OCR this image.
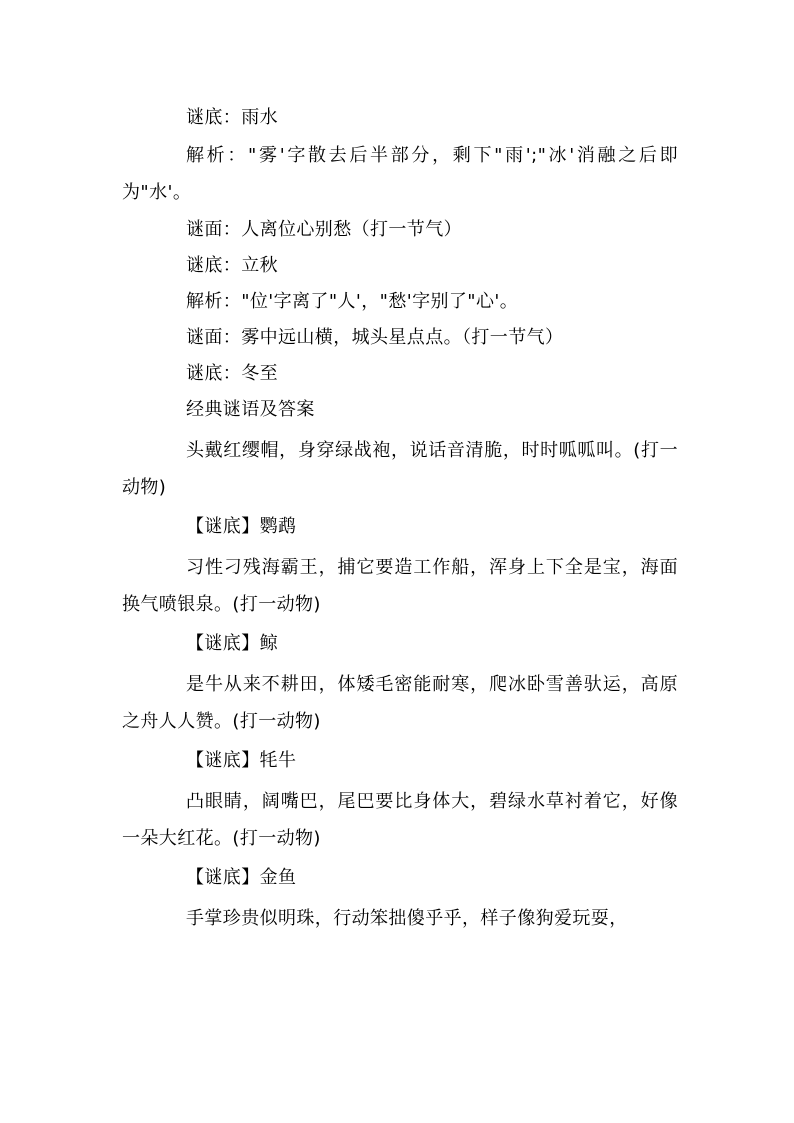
谜底：雨水

解析："雾'字散去后半部分，剩下"雨';"冰'消融之后即为"水'。

谜面：人离位心别愁（打一节气）

谜底：立秋

解析："位'字离了"人'，"愁'字别了"心'。

谜面：雾中远山横，城头星点点。（打一节气）

谜底：冬至

经典谜语及答案

头戴红缨帽，身穿绿战袍，说话音清脆，时时呱呱叫。(打一动物)

【谜底】鹦鹉

习性刁残海霸王，捕它要造工作船，浑身上下全是宝，海面换气喷银泉。(打一动物)

【谜底】鲸

是牛从来不耕田，体矮毛密能耐寒，爬冰卧雪善驮运，高原之舟人人赞。(打一动物)

【谜底】牦牛

凸眼睛，阔嘴巴，尾巴要比身体大，碧绿水草衬着它，好像一朵大红花。(打一动物)

【谜底】金鱼

手掌珍贵似明珠，行动笨拙傻乎乎，样子像狗爱玩耍，
